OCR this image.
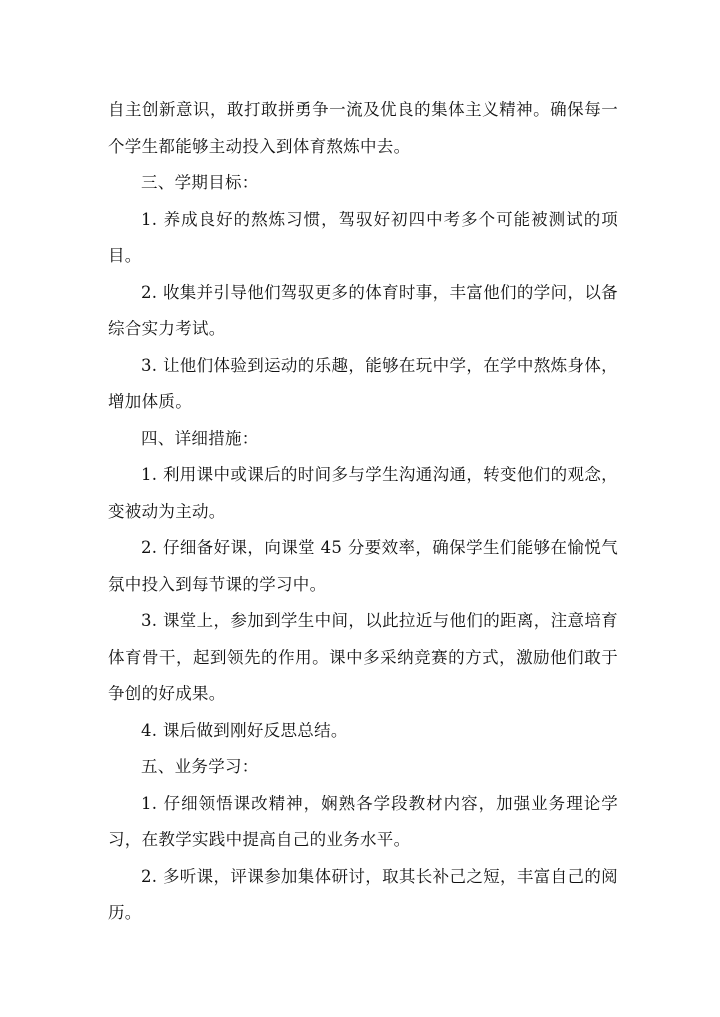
自主创新意识，敢打敢拼勇争一流及优良的集体主义精神。确保每一个学生都能够主动投入到体育熬炼中去。

三、学期目标：

1. 养成良好的熬炼习惯，驾驭好初四中考多个可能被测试的项目。

2. 收集并引导他们驾驭更多的体育时事，丰富他们的学问，以备综合实力考试。

3. 让他们体验到运动的乐趣，能够在玩中学，在学中熬炼身体，增加体质。

四、详细措施：

1. 利用课中或课后的时间多与学生沟通沟通，转变他们的观念，变被动为主动。

2. 仔细备好课，向课堂 45 分要效率，确保学生们能够在愉悦气氛中投入到每节课的学习中。

3. 课堂上，参加到学生中间，以此拉近与他们的距离，注意培育体育骨干，起到领先的作用。课中多采纳竞赛的方式，激励他们敢于争创的好成果。

4. 课后做到刚好反思总结。

五、业务学习：

1. 仔细领悟课改精神，娴熟各学段教材内容，加强业务理论学习，在教学实践中提高自己的业务水平。

2. 多听课，评课参加集体研讨，取其长补己之短，丰富自己的阅历。
